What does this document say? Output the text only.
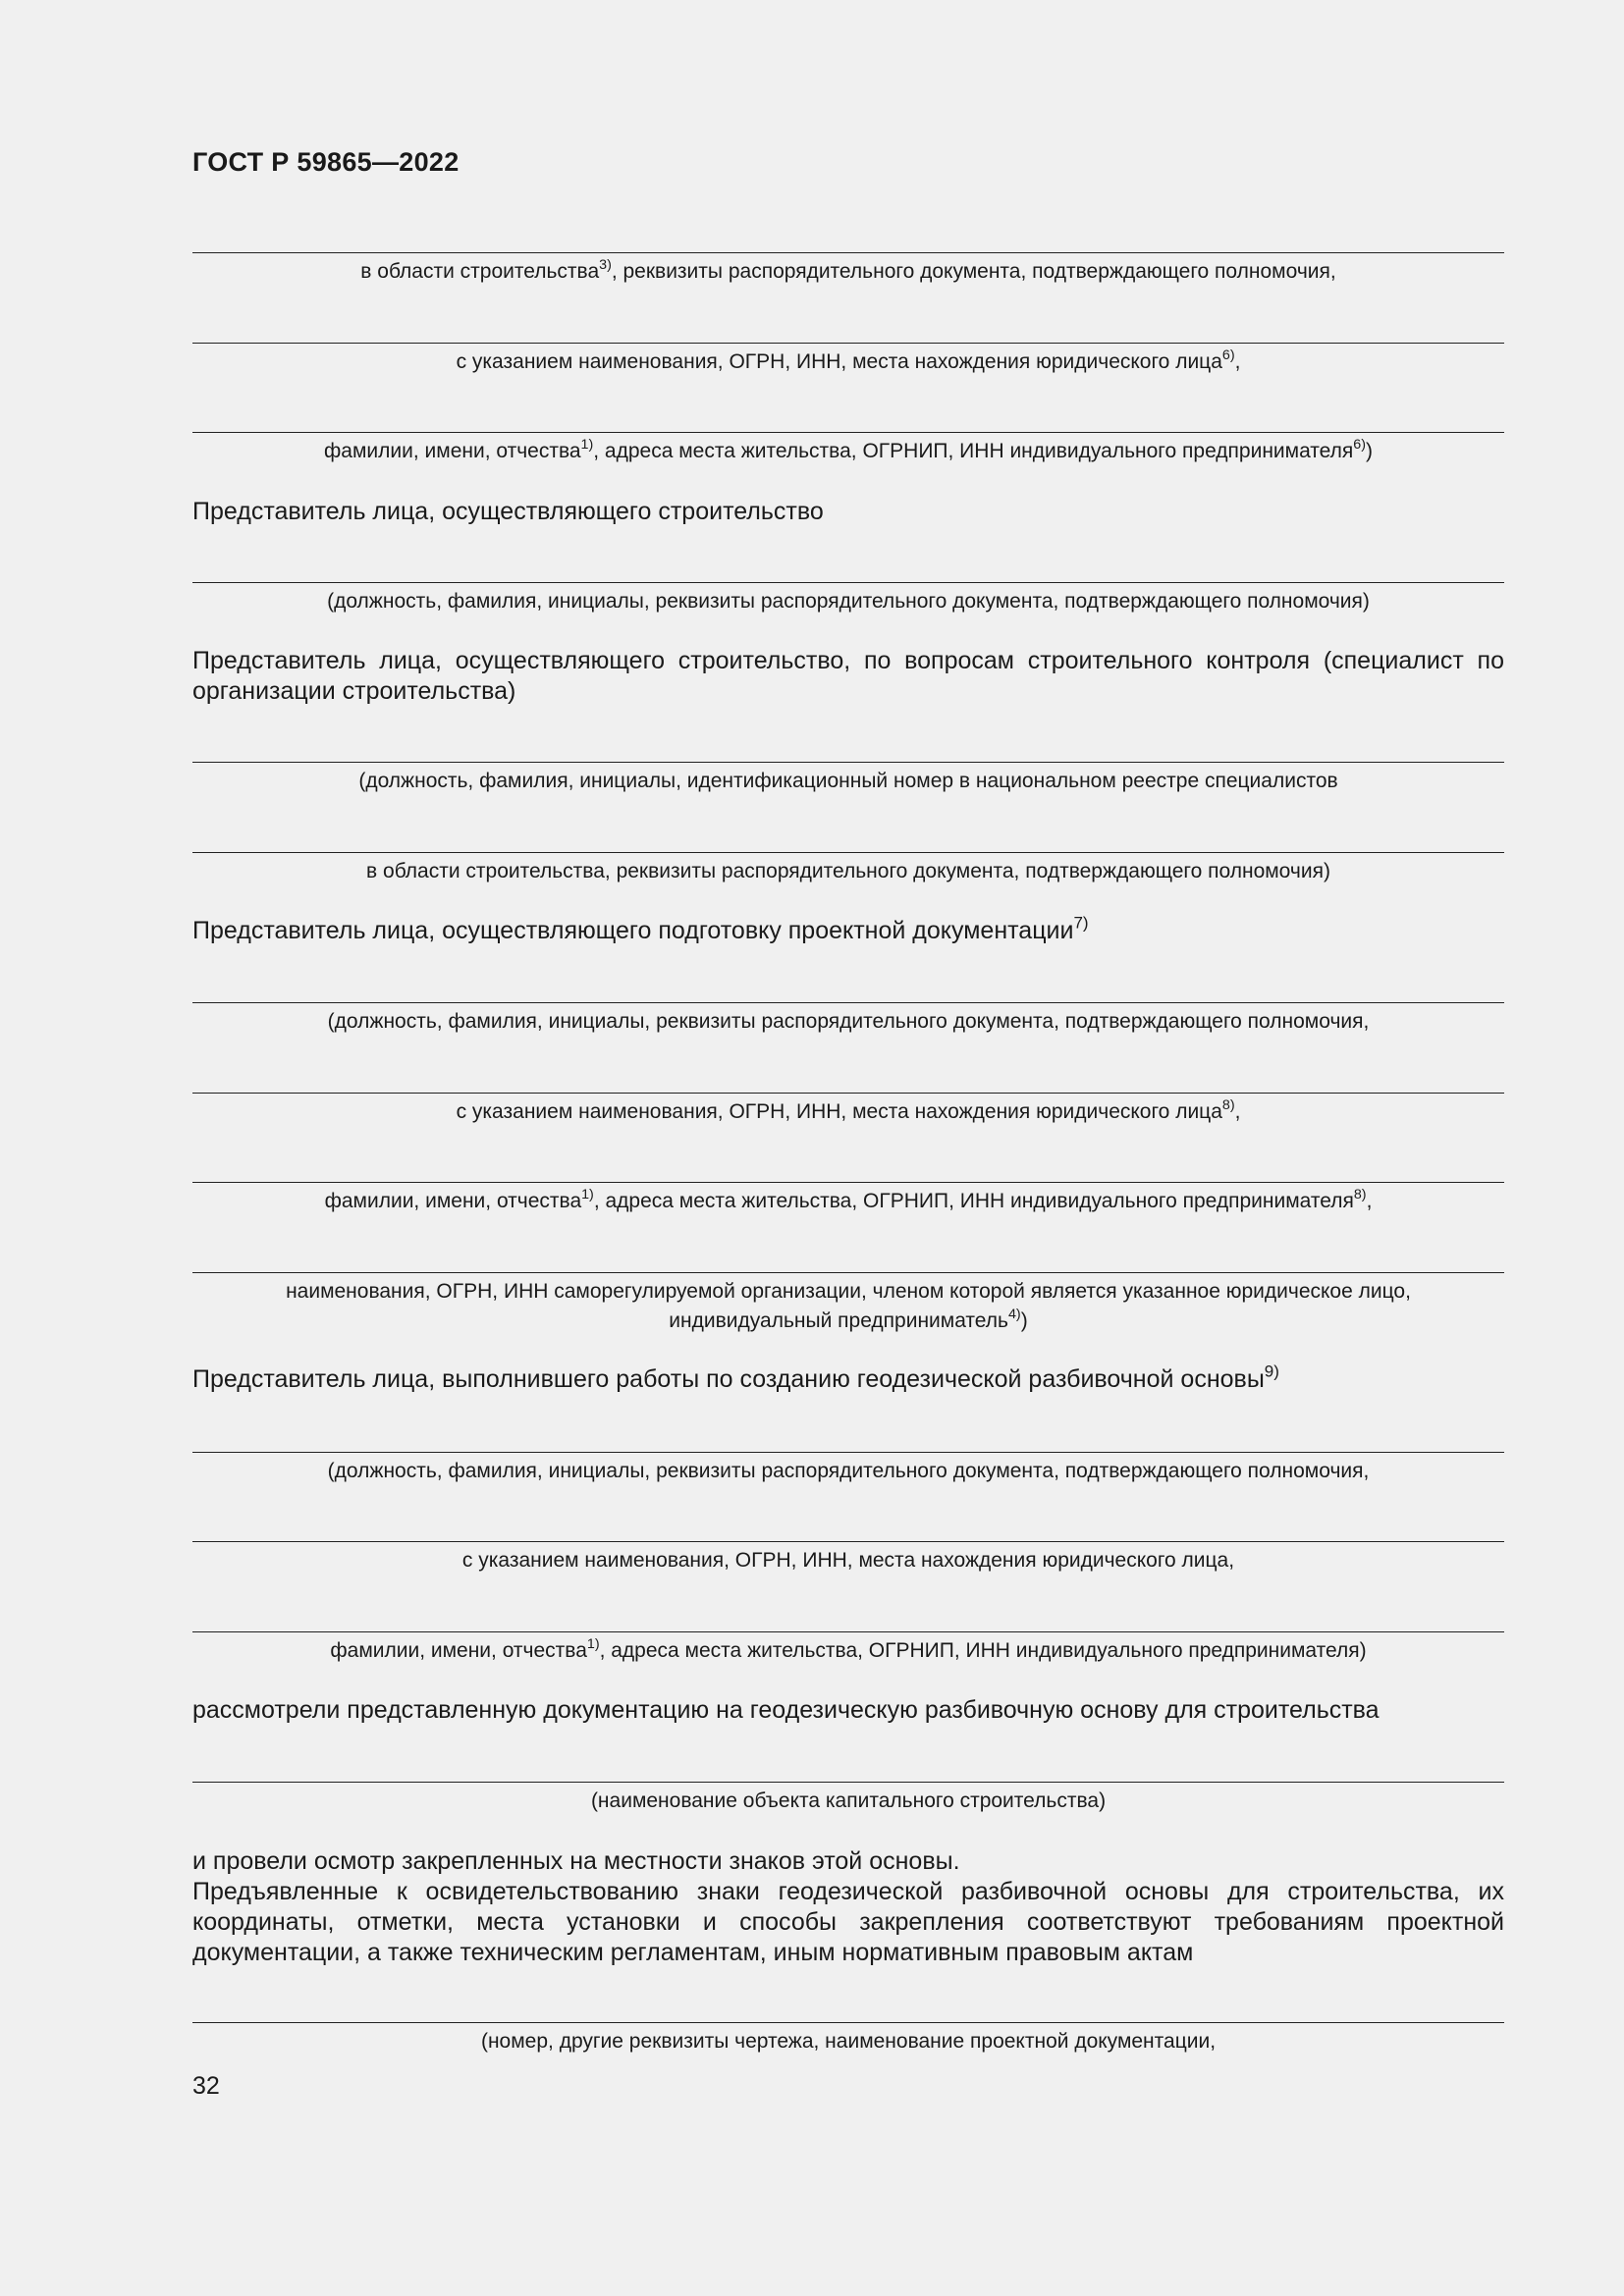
ГОСТ Р 59865—2022
в области строительства$^{3)}$, реквизиты распорядительного документа, подтверждающего полномочия,
с указанием наименования, ОГРН, ИНН, места нахождения юридического лица$^{6)}$,
фамилии, имени, отчества$^{1)}$, адреса места жительства, ОГРНИП, ИНН индивидуального предпринимателя$^{6)}$)
Представитель лица, осуществляющего строительство
(должность, фамилия, инициалы, реквизиты распорядительного документа, подтверждающего полномочия)
Представитель лица, осуществляющего строительство, по вопросам строительного контроля (специалист по организации строительства)
(должность, фамилия, инициалы, идентификационный номер в национальном реестре специалистов
в области строительства, реквизиты распорядительного документа, подтверждающего полномочия)
Представитель лица, осуществляющего подготовку проектной документации$^{7)}$
(должность, фамилия, инициалы, реквизиты распорядительного документа, подтверждающего полномочия,
с указанием наименования, ОГРН, ИНН, места нахождения юридического лица$^{8)}$,
фамилии, имени, отчества$^{1)}$, адреса места жительства, ОГРНИП, ИНН индивидуального предпринимателя$^{8)}$,
наименования, ОГРН, ИНН саморегулируемой организации, членом которой является указанное юридическое лицо,
индивидуальный предприниматель$^{4)}$)
Представитель лица, выполнившего работы по созданию геодезической разбивочной основы$^{9)}$
(должность, фамилия, инициалы, реквизиты распорядительного документа, подтверждающего полномочия,
с указанием наименования, ОГРН, ИНН, места нахождения юридического лица,
фамилии, имени, отчества$^{1)}$, адреса места жительства, ОГРНИП, ИНН индивидуального предпринимателя)
рассмотрели представленную документацию на геодезическую разбивочную основу для строительства
(наименование объекта капитального строительства)
и провели осмотр закрепленных на местности знаков этой основы.
Предъявленные к освидетельствованию знаки геодезической разбивочной основы для строительства, их координаты, отметки, места установки и способы закрепления соответствуют требованиям проектной документации, а также техническим регламентам, иным нормативным правовым актам
(номер, другие реквизиты чертежа, наименование проектной документации,
32
